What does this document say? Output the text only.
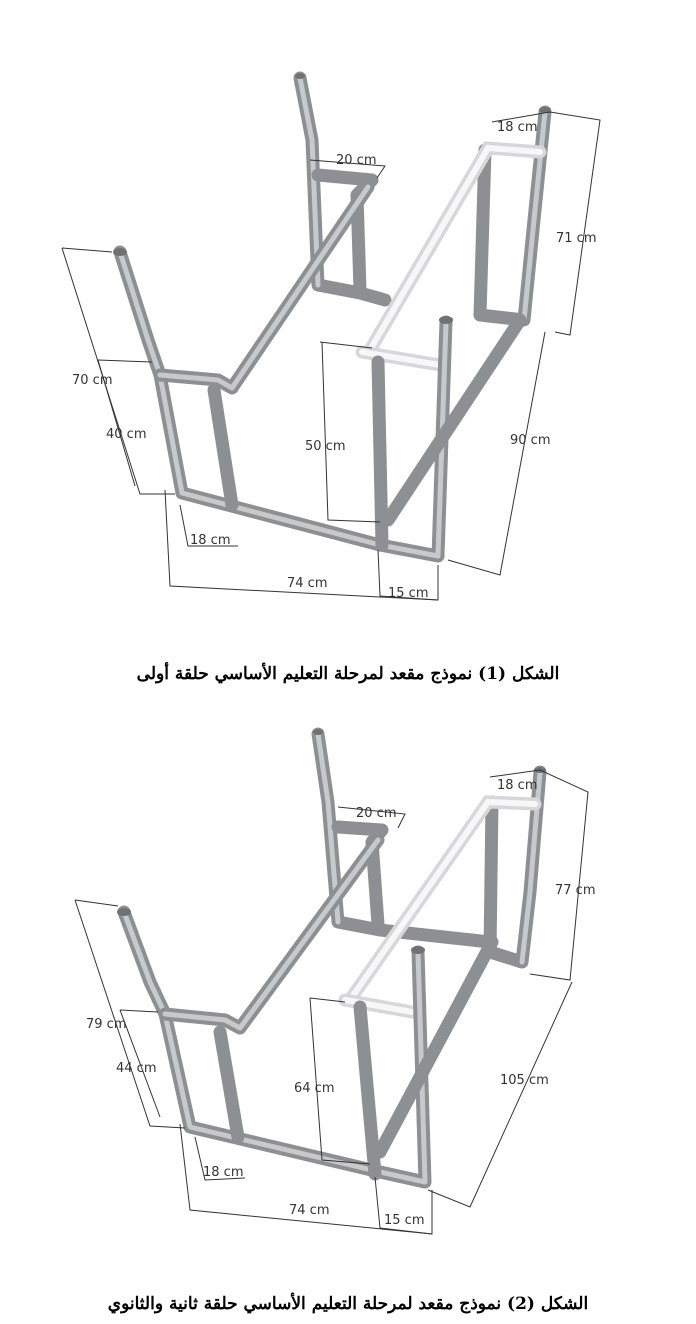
18 cm
20 cm
71 cm
70 cm
40 cm
50 cm	90 cm
18 cm
74 cm
15 cm
الشكل (1) نموذج مقعد لمرحلة التعليم الأساسي حلقة أولى
18 cm
20 cm
77 cm
79 cm
44 cm
64 cm
105 cm
18 cm
74 cm
15 cm
الشكل (2) نموذج مقعد لمرحلة التعليم الأساسي حلقة ثانية والثانوي
